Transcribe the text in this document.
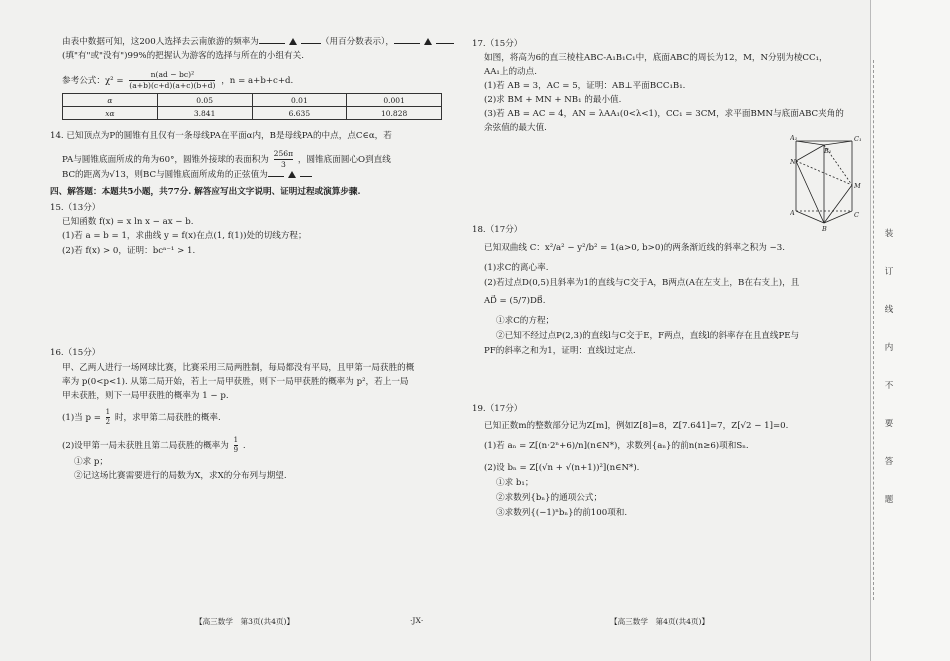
由表中数据可知，这200人选择去云南旅游的频率为	（用百分数表示），
(填"有"或"没有")99%的把握认为游客的选择与所在的小组有关.
参考公式：$\chi^2 = \frac{\text{n(ad − bc)²}}{(a+b)(c+d)(a+c)(b+d)}$ ，n = a+b+c+d.
α	0.05	0.01	0.001
xα	3.841	6.635	10.828
14. 已知顶点为P的圆锥有且仅有一条母线PA在平面α内，B是母线PA的中点，点C∈α，若
PA与圆锥底面所成的角为60°，圆锥外接球的表面积为 $\frac{256\pi}{3}$ ，圆锥底面圆心O到直线
BC的距离为√13，则BC与圆锥底面所成角的正弦值为
四、解答题：本题共5小题，共77分. 解答应写出文字说明、证明过程或演算步骤.
15.（13分）
已知函数 f(x) = x ln x − ax − b.
(1)若 a = b = 1，求曲线 y = f(x)在点(1, f(1))处的切线方程；
(2)若 f(x) > 0，证明：bcᵃ⁻¹ > 1.
16.（15分）
甲、乙两人进行一场网球比赛，比赛采用三局两胜制，每局都没有平局，且甲第一局获胜的概
率为 p(0<p<1). 从第二局开始，若上一局甲获胜，则下一局甲获胜的概率为 p²，若上一局
甲未获胜，则下一局甲获胜的概率为 1 − p.
(1)当 $p = \frac{1}{2}$ 时，求甲第二局获胜的概率.
(2)设甲第一局未获胜且第二局获胜的概率为 $\frac{1}{9}$ .
①求 p；
②记这场比赛需要进行的局数为X，求X的分布列与期望.
【高三数学　第3页(共4页)】	·JX·
17.（15分）
如图，将高为6的直三棱柱ABC-A₁B₁C₁中，底面ABC的周长为12，M，N分别为棱CC₁，
AA₁上的动点.
(1)若 AB = 3，AC = 5，证明：AB⊥平面BCC₁B₁.
(2)求 BM + MN + NB₁ 的最小值.
(3)若 AB = AC = 4，AN = λAA₁(0<λ<1)，CC₁ = 3CM，求平面BMN与底面ABC夹角的
余弦值的最大值.
A₁
B₁
C₁
N
M
A
B
C
18.（17分）
已知双曲线 C：x²/a² − y²/b² = 1(a>0, b>0)的两条渐近线的斜率之积为 −3.
(1)求C的离心率.
(2)若过点D(0,5)且斜率为1的直线与C交于A，B两点(A在左支上，B在右支上)，且
AD⃗ = (5/7)DB⃗.
①求C的方程；
②已知不经过点P(2,3)的直线l与C交于E，F两点，直线l的斜率存在且直线PE与
PF的斜率之和为1，证明：直线l过定点.
19.（17分）
已知正数m的整数部分记为Z[m]，例如Z[8]=8，Z[7.641]=7，Z[√2 − 1]=0.
(1)若 aₙ = Z[(n·2ⁿ+6)/n](n∈N*)，求数列{aₙ}的前n(n≥6)项和Sₙ.
(2)设 bₙ = Z[(√n + √(n+1))²](n∈N*).
①求 b₁；
②求数列{bₙ}的通项公式；
③求数列{(−1)ⁿbₙ}的前100项和.
【高三数学　第4页(共4页)】
装
订
线
内
不
要
答
题
